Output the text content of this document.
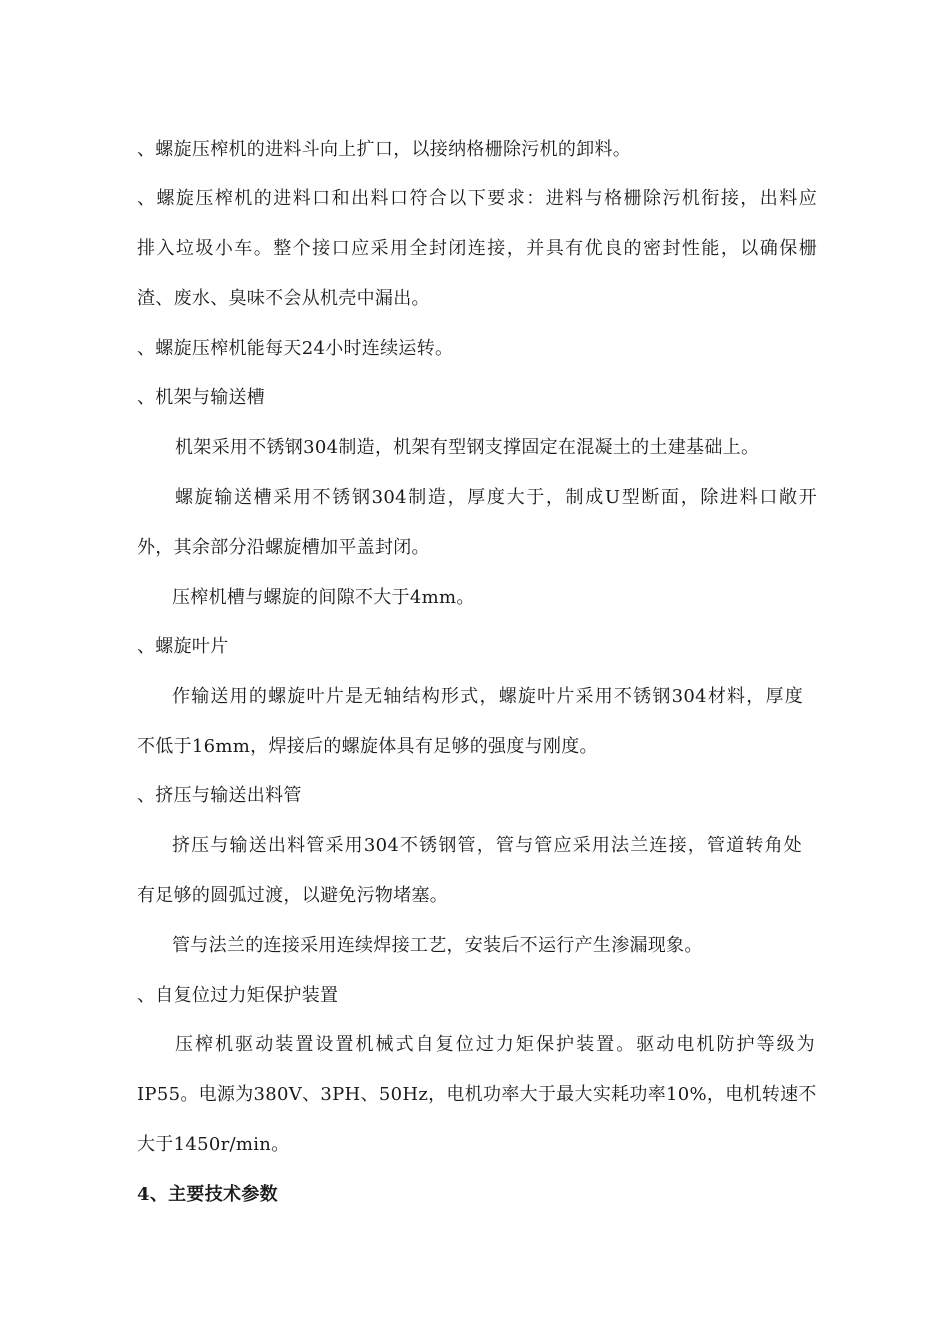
、螺旋压榨机的进料斗向上扩口，以接纳格栅除污机的卸料。
、螺旋压榨机的进料口和出料口符合以下要求：进料与格栅除污机衔接，出料应
排入垃圾小车。整个接口应采用全封闭连接，并具有优良的密封性能，以确保栅
渣、废水、臭味不会从机壳中漏出。
、螺旋压榨机能每天24小时连续运转。
、机架与输送槽
机架采用不锈钢304制造，机架有型钢支撑固定在混凝土的土建基础上。
螺旋输送槽采用不锈钢304制造，厚度大于，制成U型断面，除进料口敞开
外，其余部分沿螺旋槽加平盖封闭。
压榨机槽与螺旋的间隙不大于4mm。
、螺旋叶片
作输送用的螺旋叶片是无轴结构形式，螺旋叶片采用不锈钢304材料，厚度
不低于16mm，焊接后的螺旋体具有足够的强度与刚度。
、挤压与输送出料管
挤压与输送出料管采用304不锈钢管，管与管应采用法兰连接，管道转角处
有足够的圆弧过渡，以避免污物堵塞。
管与法兰的连接采用连续焊接工艺，安装后不运行产生渗漏现象。
、自复位过力矩保护装置
压榨机驱动装置设置机械式自复位过力矩保护装置。驱动电机防护等级为
IP55。电源为380V、3PH、50Hz，电机功率大于最大实耗功率10%，电机转速不
大于1450r/min。
4、主要技术参数
